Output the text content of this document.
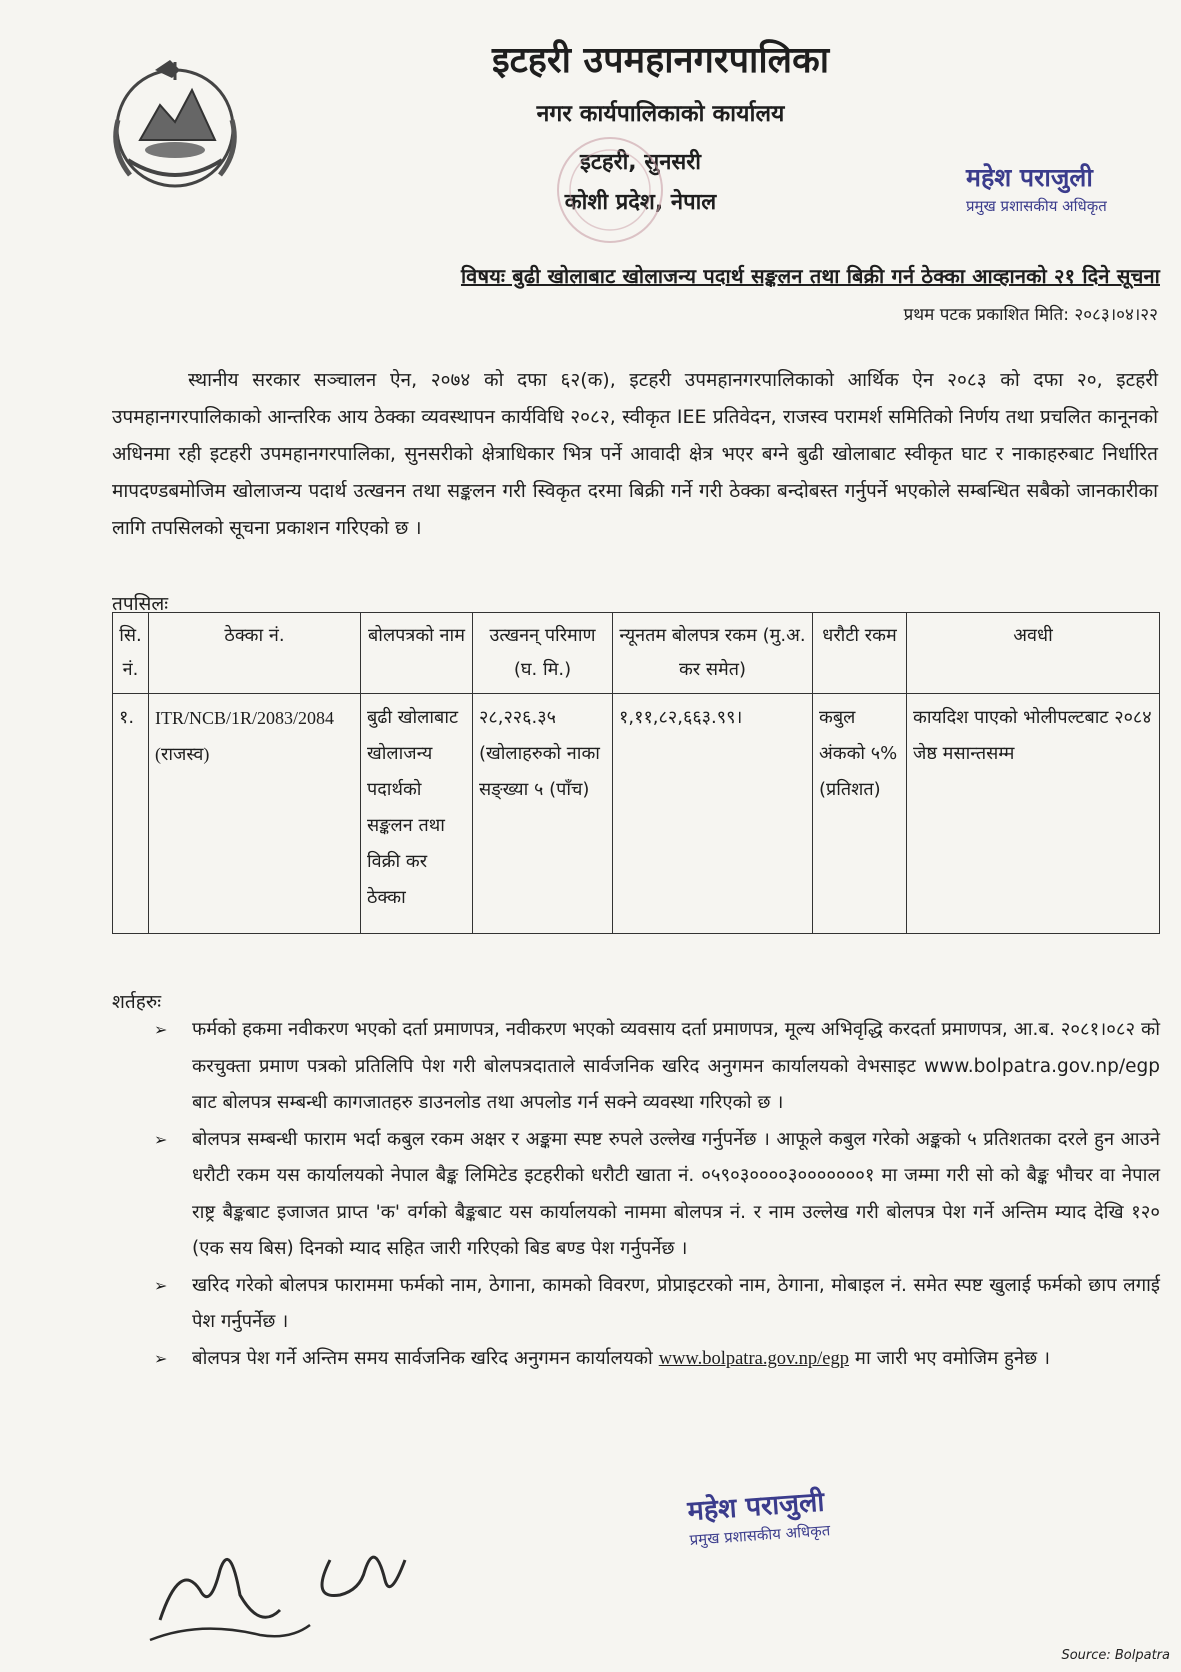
इटहरी उपमहानगरपालिका
नगर कार्यपालिकाको कार्यालय
इटहरी, सुनसरी
कोशी प्रदेश, नेपाल
महेश पराजुली
प्रमुख प्रशासकीय अधिकृत
विषयः बुढी खोलाबाट खोलाजन्य पदार्थ सङ्कलन तथा बिक्री गर्न ठेक्का आव्हानको २१ दिने सूचना
प्रथम पटक प्रकाशित मिति: २०८३।०४।२२

स्थानीय सरकार सञ्चालन ऐन, २०७४ को दफा ६२(क), इटहरी उपमहानगरपालिकाको आर्थिक ऐन २०८३ को दफा २०, इटहरी उपमहानगरपालिकाको आन्तरिक आय ठेक्का व्यवस्थापन कार्यविधि २०८२, स्वीकृत IEE प्रतिवेदन, राजस्व परामर्श समितिको निर्णय तथा प्रचलित कानूनको अधिनमा रही इटहरी उपमहानगरपालिका, सुनसरीको क्षेत्राधिकार भित्र पर्ने आवादी क्षेत्र भएर बग्ने बुढी खोलाबाट स्वीकृत घाट र नाकाहरुबाट निर्धारित मापदण्डबमोजिम खोलाजन्य पदार्थ उत्खनन तथा सङ्कलन गरी स्विकृत दरमा बिक्री गर्ने गरी ठेक्का बन्दोबस्त गर्नुपर्ने भएकोले सम्बन्धित सबैको जानकारीका लागि तपसिलको सूचना प्रकाशन गरिएको छ ।

तपसिलः
सि. नं.	ठेक्का नं.	बोलपत्रको नाम	उत्खनन् परिमाण (घ. मि.)	न्यूनतम बोलपत्र रकम (मु.अ. कर समेत)	धरौटी रकम	अवधी
१.	ITR/NCB/1R/2083/2084 (राजस्व)	बुढी खोलाबाट खोलाजन्य पदार्थको सङ्कलन तथा विक्री कर ठेक्का	२८,२२६.३५ (खोलाहरुको नाका सङ्ख्या ५ (पाँच)	१,११,८२,६६३.९९।	कबुल अंकको ५% (प्रतिशत)	कायदिश पाएको भोलीपल्टबाट २०८४ जेष्ठ मसान्तसम्म
शर्तहरुः

➢ फर्मको हकमा नवीकरण भएको दर्ता प्रमाणपत्र, नवीकरण भएको व्यवसाय दर्ता प्रमाणपत्र, मूल्य अभिवृद्धि करदर्ता प्रमाणपत्र, आ.ब. २०८१।०८२ को करचुक्ता प्रमाण पत्रको प्रतिलिपि पेश गरी बोलपत्रदाताले सार्वजनिक खरिद अनुगमन कार्यालयको वेभसाइट www.bolpatra.gov.np/egp बाट बोलपत्र सम्बन्धी कागजातहरु डाउनलोड तथा अपलोड गर्न सक्ने व्यवस्था गरिएको छ ।

➢ बोलपत्र सम्बन्धी फाराम भर्दा कबुल रकम अक्षर र अङ्कमा स्पष्ट रुपले उल्लेख गर्नुपर्नेछ । आफूले कबुल गरेको अङ्कको ५ प्रतिशतका दरले हुन आउने धरौटी रकम यस कार्यालयको नेपाल बैङ्क लिमिटेड इटहरीको धरौटी खाता नं. ०५९०३००००३०००००००१ मा जम्मा गरी सो को बैङ्क भौचर वा नेपाल राष्ट्र बैङ्कबाट इजाजत प्राप्त 'क' वर्गको बैङ्कबाट यस कार्यालयको नाममा बोलपत्र नं. र नाम उल्लेख गरी बोलपत्र पेश गर्ने अन्तिम म्याद देखि १२० (एक सय बिस) दिनको म्याद सहित जारी गरिएको बिड बण्ड पेश गर्नुपर्नेछ ।

➢ खरिद गरेको बोलपत्र फाराममा फर्मको नाम, ठेगाना, कामको विवरण, प्रोप्राइटरको नाम, ठेगाना, मोबाइल नं. समेत स्पष्ट खुलाई फर्मको छाप लगाई पेश गर्नुपर्नेछ ।

➢ बोलपत्र पेश गर्ने अन्तिम समय सार्वजनिक खरिद अनुगमन कार्यालयको www.bolpatra.gov.np/egp मा जारी भए वमोजिम हुनेछ ।

महेश पराजुली
प्रमुख प्रशासकीय अधिकृत
Source: Bolpatra
